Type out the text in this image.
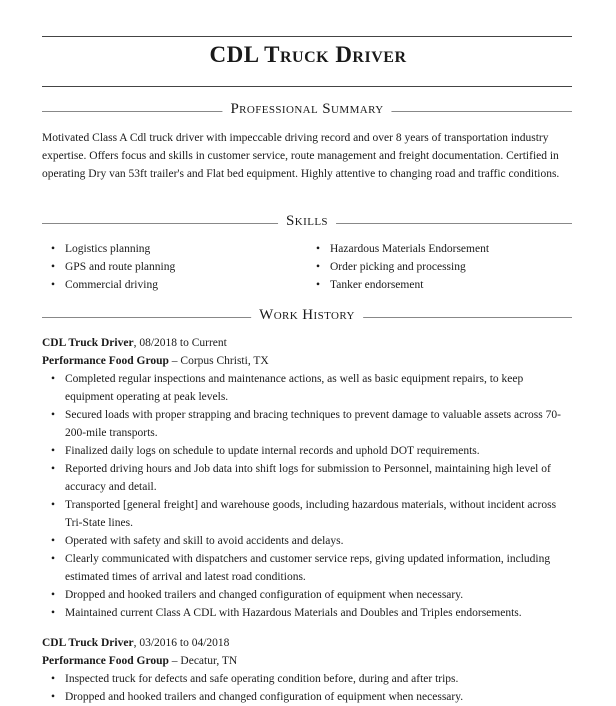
CDL Truck Driver
Professional Summary

Motivated Class A Cdl truck driver with impeccable driving record and over 8 years of transportation industry expertise. Offers focus and skills in customer service, route management and freight documentation. Certified in operating Dry van 53ft trailer's and Flat bed equipment. Highly attentive to changing road and traffic conditions.

Skills
• Logistics planning
• GPS and route planning
• Commercial driving
• Hazardous Materials Endorsement
• Order picking and processing
• Tanker endorsement
Work History
CDL Truck Driver, 08/2018 to Current
Performance Food Group – Corpus Christi, TX
• Completed regular inspections and maintenance actions, as well as basic equipment repairs, to keep equipment operating at peak levels.
• Secured loads with proper strapping and bracing techniques to prevent damage to valuable assets across 70-200-mile transports.
• Finalized daily logs on schedule to update internal records and uphold DOT requirements.
• Reported driving hours and Job data into shift logs for submission to Personnel, maintaining high level of accuracy and detail.
• Transported [general freight] and warehouse goods, including hazardous materials, without incident across Tri-State lines.
• Operated with safety and skill to avoid accidents and delays.
• Clearly communicated with dispatchers and customer service reps, giving updated information, including estimated times of arrival and latest road conditions.
• Dropped and hooked trailers and changed configuration of equipment when necessary.
• Maintained current Class A CDL with Hazardous Materials and Doubles and Triples endorsements.
CDL Truck Driver, 03/2016 to 04/2018
Performance Food Group – Decatur, TN
• Inspected truck for defects and safe operating condition before, during and after trips.
• Dropped and hooked trailers and changed configuration of equipment when necessary.
